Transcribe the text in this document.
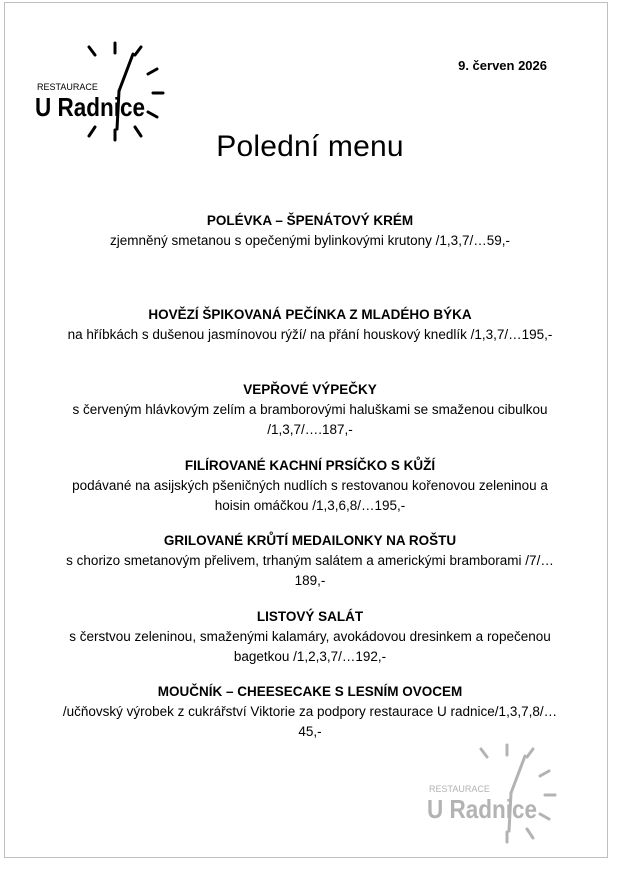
RESTAURACE
U Radnice
9. červen 2026
Polední menu
POLÉVKA – ŠPENÁTOVÝ KRÉM
zjemněný smetanou s opečenými bylinkovými krutony /1,3,7/…59,-
HOVĚZÍ ŠPIKOVANÁ PEČÍNKA Z MLADÉHO BÝKA
na hříbkách s dušenou jasmínovou rýží/ na přání houskový knedlík /1,3,7/…195,-
VEPŘOVÉ VÝPEČKY
s červeným hlávkovým zelím a bramborovými haluškami se smaženou cibulkou /1,3,7/….187,-
FILÍROVANÉ KACHNÍ PRSÍČKO S KŮŽÍ
podávané na asijských pšeničných nudlích s restovanou kořenovou zeleninou a hoisin omáčkou /1,3,6,8/…195,-
GRILOVANÉ KRŮTÍ MEDAILONKY NA ROŠTU
s chorizo smetanovým přelivem, trhaným salátem a americkými bramborami /7/…189,-
LISTOVÝ SALÁT
s čerstvou zeleninou, smaženými kalamáry, avokádovou dresinkem a ropečenou bagetkou /1,2,3,7/…192,-
MOUČNÍK – CHEESECAKE S LESNÍM OVOCEM
/učňovský výrobek z cukrářství Viktorie za podpory restaurace U radnice/1,3,7,8/…45,-
RESTAURACE
U Radnice
